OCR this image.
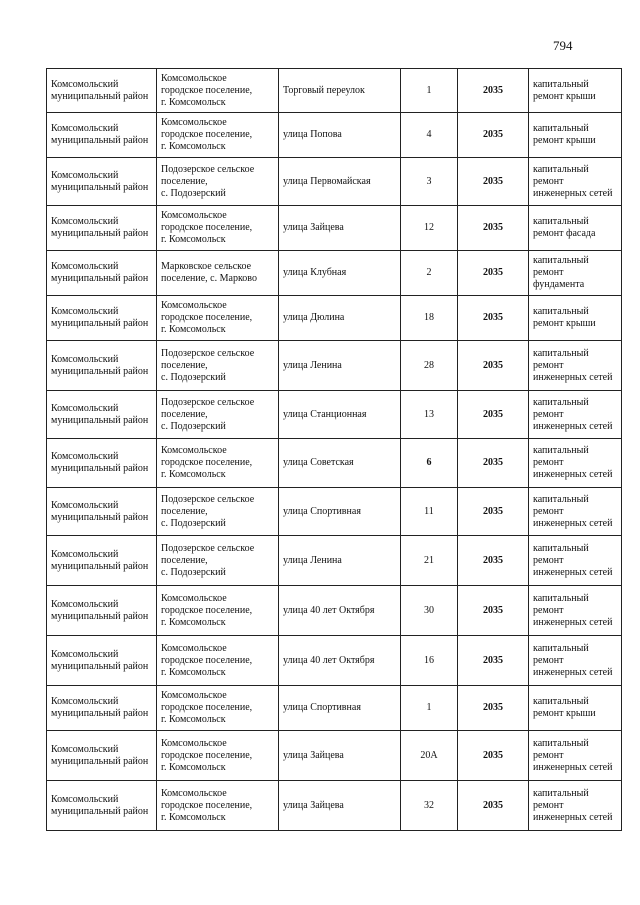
794
Комсомольский муниципальный район	Комсомольское
городское поселение,
г. Комсомольск	Торговый переулок	1	2035	капитальный ремонт крыши
Комсомольский муниципальный район	Комсомольское
городское поселение,
г. Комсомольск	улица Попова	4	2035	капитальный ремонт крыши
Комсомольский муниципальный район	Подозерское сельское
поселение,
с. Подозерский	улица Первомайская	3	2035	капитальный ремонт инженерных сетей
Комсомольский муниципальный район	Комсомольское
городское поселение,
г. Комсомольск	улица Зайцева	12	2035	капитальный ремонт фасада
Комсомольский муниципальный район	Марковское сельское
поселение, с. Марково	улица Клубная	2	2035	капитальный ремонт фундамента
Комсомольский муниципальный район	Комсомольское
городское поселение,
г. Комсомольск	улица Дюлина	18	2035	капитальный ремонт крыши
Комсомольский муниципальный район	Подозерское сельское
поселение,
с. Подозерский	улица Ленина	28	2035	капитальный ремонт инженерных сетей
Комсомольский муниципальный район	Подозерское сельское
поселение,
с. Подозерский	улица Станционная	13	2035	капитальный ремонт инженерных сетей
Комсомольский муниципальный район	Комсомольское
городское поселение,
г. Комсомольск	улица Советская	6	2035	капитальный ремонт инженерных сетей
Комсомольский муниципальный район	Подозерское сельское
поселение,
с. Подозерский	улица Спортивная	11	2035	капитальный ремонт инженерных сетей
Комсомольский муниципальный район	Подозерское сельское
поселение,
с. Подозерский	улица Ленина	21	2035	капитальный ремонт инженерных сетей
Комсомольский муниципальный район	Комсомольское
городское поселение,
г. Комсомольск	улица 40 лет Октября	30	2035	капитальный ремонт инженерных сетей
Комсомольский муниципальный район	Комсомольское
городское поселение,
г. Комсомольск	улица 40 лет Октября	16	2035	капитальный ремонт инженерных сетей
Комсомольский муниципальный район	Комсомольское
городское поселение,
г. Комсомольск	улица Спортивная	1	2035	капитальный ремонт крыши
Комсомольский муниципальный район	Комсомольское
городское поселение,
г. Комсомольск	улица Зайцева	20А	2035	капитальный ремонт инженерных сетей
Комсомольский муниципальный район	Комсомольское
городское поселение,
г. Комсомольск	улица Зайцева	32	2035	капитальный ремонт инженерных сетей
